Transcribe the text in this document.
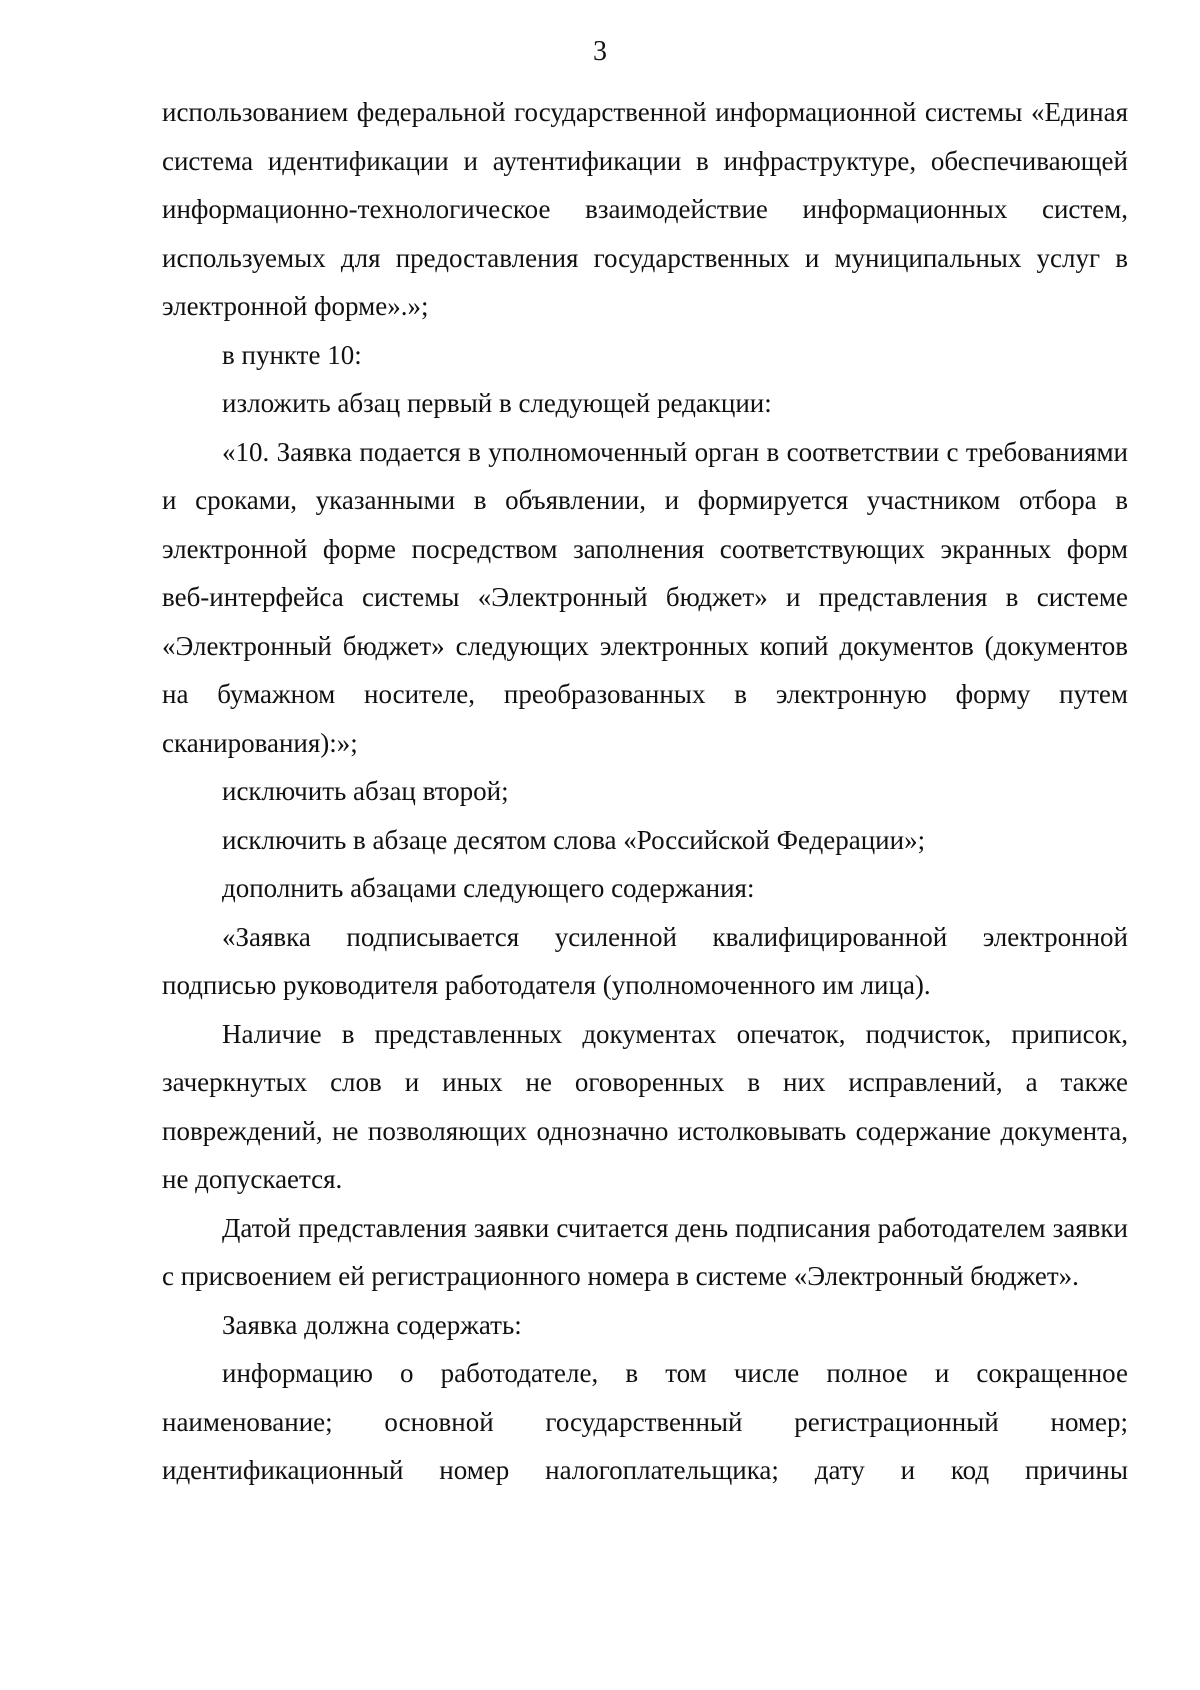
3

использованием федеральной государственной информационной системы «Единая система идентификации и аутентификации в инфраструктуре, обеспечивающей информационно-технологическое взаимодействие информационных систем, используемых для предоставления государственных и муниципальных услуг в электронной форме».»;

в пункте 10:

изложить абзац первый в следующей редакции:

«10. Заявка подается в уполномоченный орган в соответствии с требованиями и сроками, указанными в объявлении, и формируется участником отбора в электронной форме посредством заполнения соответствующих экранных форм веб-интерфейса системы «Электронный бюджет» и представления в системе «Электронный бюджет» следующих электронных копий документов (документов на бумажном носителе, преобразованных в электронную форму путем сканирования):»;

исключить абзац второй;

исключить в абзаце десятом слова «Российской Федерации»;

дополнить абзацами следующего содержания:

«Заявка подписывается усиленной квалифицированной электронной подписью руководителя работодателя (уполномоченного им лица).

Наличие в представленных документах опечаток, подчисток, приписок, зачеркнутых слов и иных не оговоренных в них исправлений, а также повреждений, не позволяющих однозначно истолковывать содержание документа, не допускается.

Датой представления заявки считается день подписания работодателем заявки с присвоением ей регистрационного номера в системе «Электронный бюджет».

Заявка должна содержать:

информацию о работодателе, в том числе полное и сокращенное наименование; основной государственный регистрационный номер; идентификационный номер налогоплательщика; дату и код причины
